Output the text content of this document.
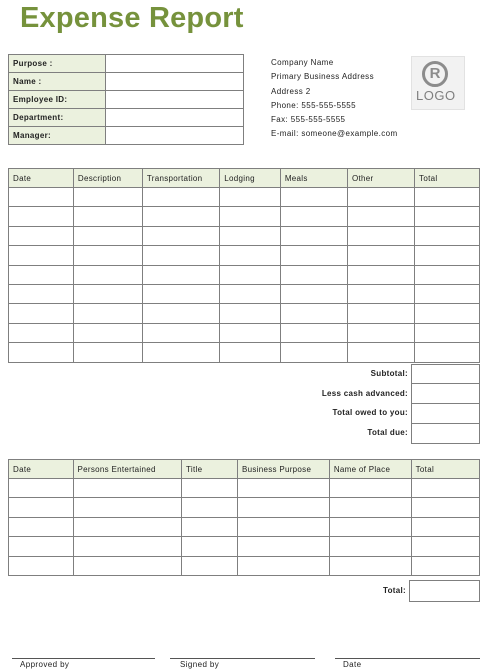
Expense Report
Purpose :	
Name :	
Employee ID:	
Department:	
Manager:	
Company Name
Primary Business Address
Address 2
Phone: 555-555-5555
Fax: 555-555-5555
E-mail: someone@example.com
R
LOGO
Date	Description	Transportation	Lodging	Meals	Other	Total

Subtotal:
Less cash advanced:
Total owed to you:
Total due:
Date	Persons Entertained	Title	Business Purpose	Name of Place	Total

Total:
Approved by	Signed by	Date
